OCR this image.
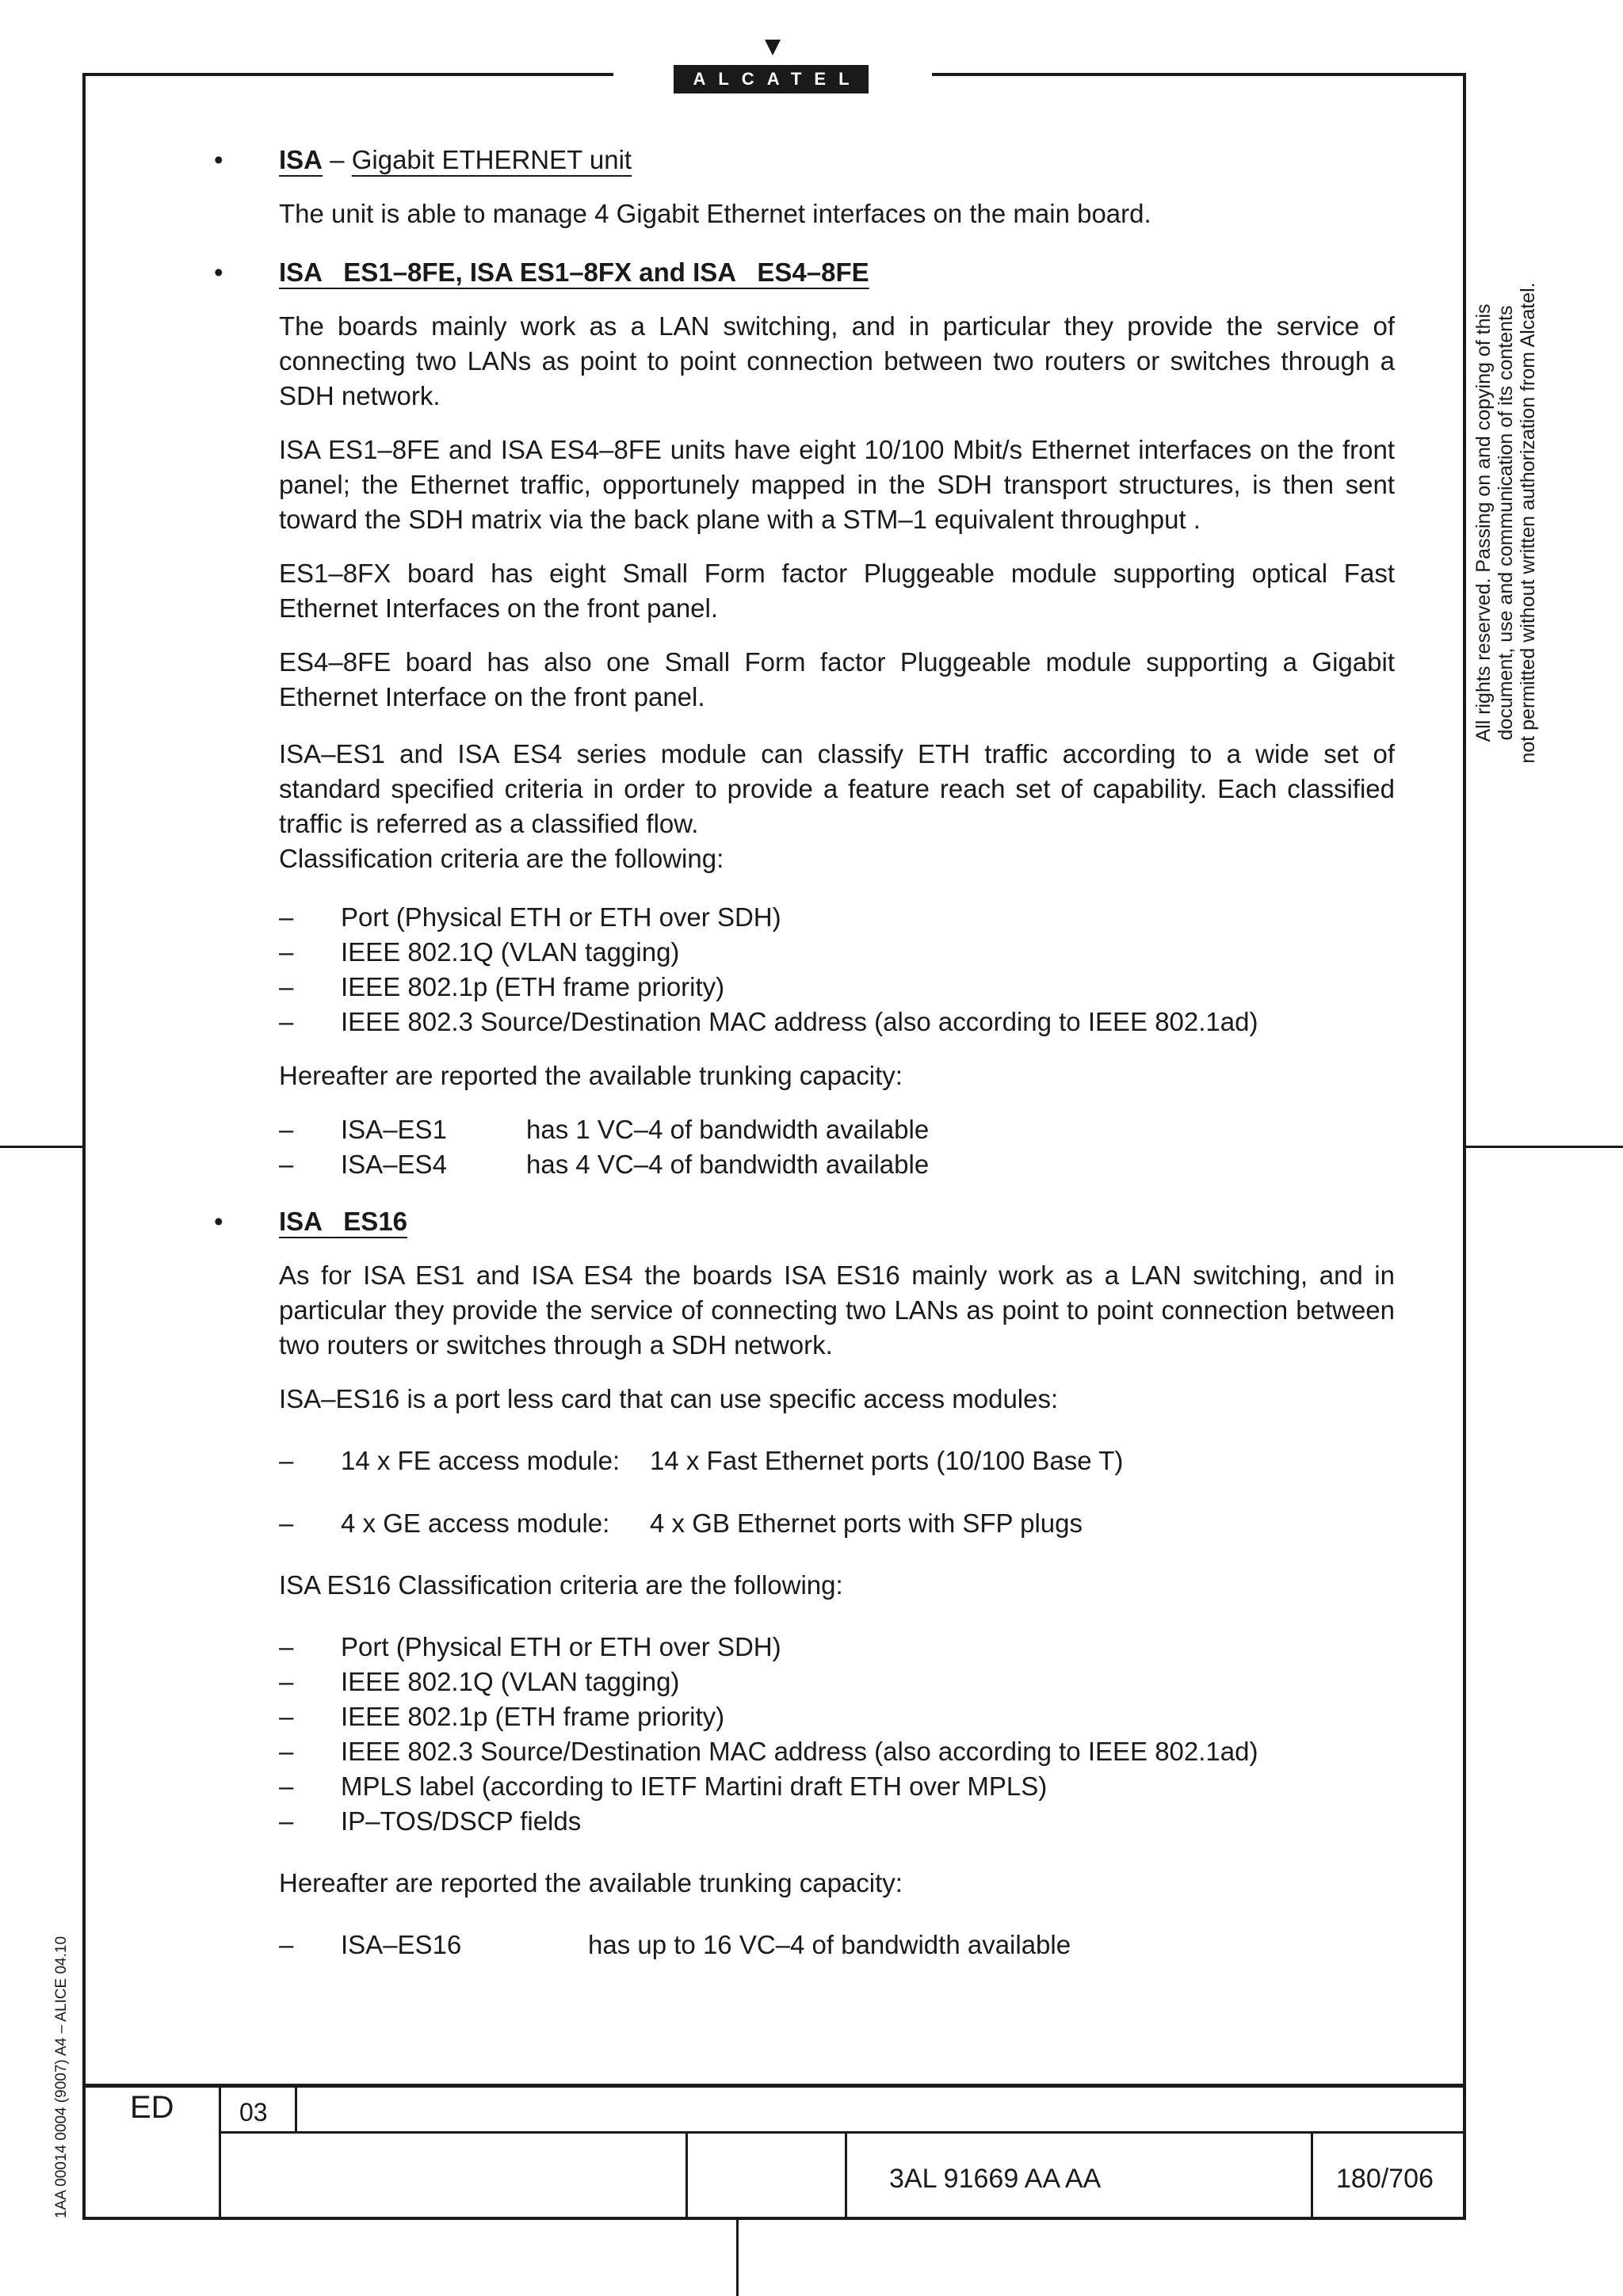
ALCATEL
All rights reserved. Passing on and copying of this document, use and communication of its contents not permitted without written authorization from Alcatel.
1AA 00014 0004 (9007) A4 – ALICE 04.10
• ISA – Gigabit ETHERNET unit
The unit is able to manage 4 Gigabit Ethernet interfaces on the main board.
• ISA   ES1–8FE, ISA ES1–8FX and ISA   ES4–8FE
The boards mainly work as a LAN switching, and in particular they provide the service of connecting two LANs as point to point connection between two routers or switches through a SDH network.
ISA ES1–8FE and ISA ES4–8FE units have eight 10/100 Mbit/s Ethernet interfaces on the front panel; the Ethernet traffic, opportunely mapped in the SDH transport structures, is then sent toward the SDH matrix via the back plane with a STM–1 equivalent throughput .
ES1–8FX board has eight Small Form factor Pluggeable module supporting optical Fast Ethernet Interfaces on the front panel.
ES4–8FE board has also one Small Form factor Pluggeable module supporting a Gigabit Ethernet Interface on the front panel.
ISA–ES1 and ISA ES4 series module can classify ETH traffic according to a wide set of standard specified criteria in order to provide a feature reach set of capability. Each classified traffic is referred as a classified flow.
Classification criteria are the following:
– Port (Physical ETH or ETH over SDH)
– IEEE 802.1Q (VLAN tagging)
– IEEE 802.1p (ETH frame priority)
– IEEE 802.3 Source/Destination MAC address (also according to IEEE 802.1ad)
Hereafter are reported the available trunking capacity:
– ISA–ES1	has 1 VC–4 of bandwidth available
– ISA–ES4	has 4 VC–4 of bandwidth available
• ISA   ES16
As for ISA ES1 and ISA ES4 the boards ISA ES16 mainly work as a LAN switching, and in particular they provide the service of connecting two LANs as point to point connection between two routers or switches through a SDH network.
ISA–ES16 is a port less card that can use specific access modules:
– 14 x FE access module: 14 x Fast Ethernet ports (10/100 Base T)
– 4 x GE access module: 4 x GB Ethernet ports with SFP plugs
ISA ES16 Classification criteria are the following:
– Port (Physical ETH or ETH over SDH)
– IEEE 802.1Q (VLAN tagging)
– IEEE 802.1p (ETH frame priority)
– IEEE 802.3 Source/Destination MAC address (also according to IEEE 802.1ad)
– MPLS label (according to IETF Martini draft ETH over MPLS)
– IP–TOS/DSCP fields
Hereafter are reported the available trunking capacity:
– ISA–ES16	has up to 16 VC–4 of bandwidth available
ED	03
3AL 91669 AA AA	180/706
